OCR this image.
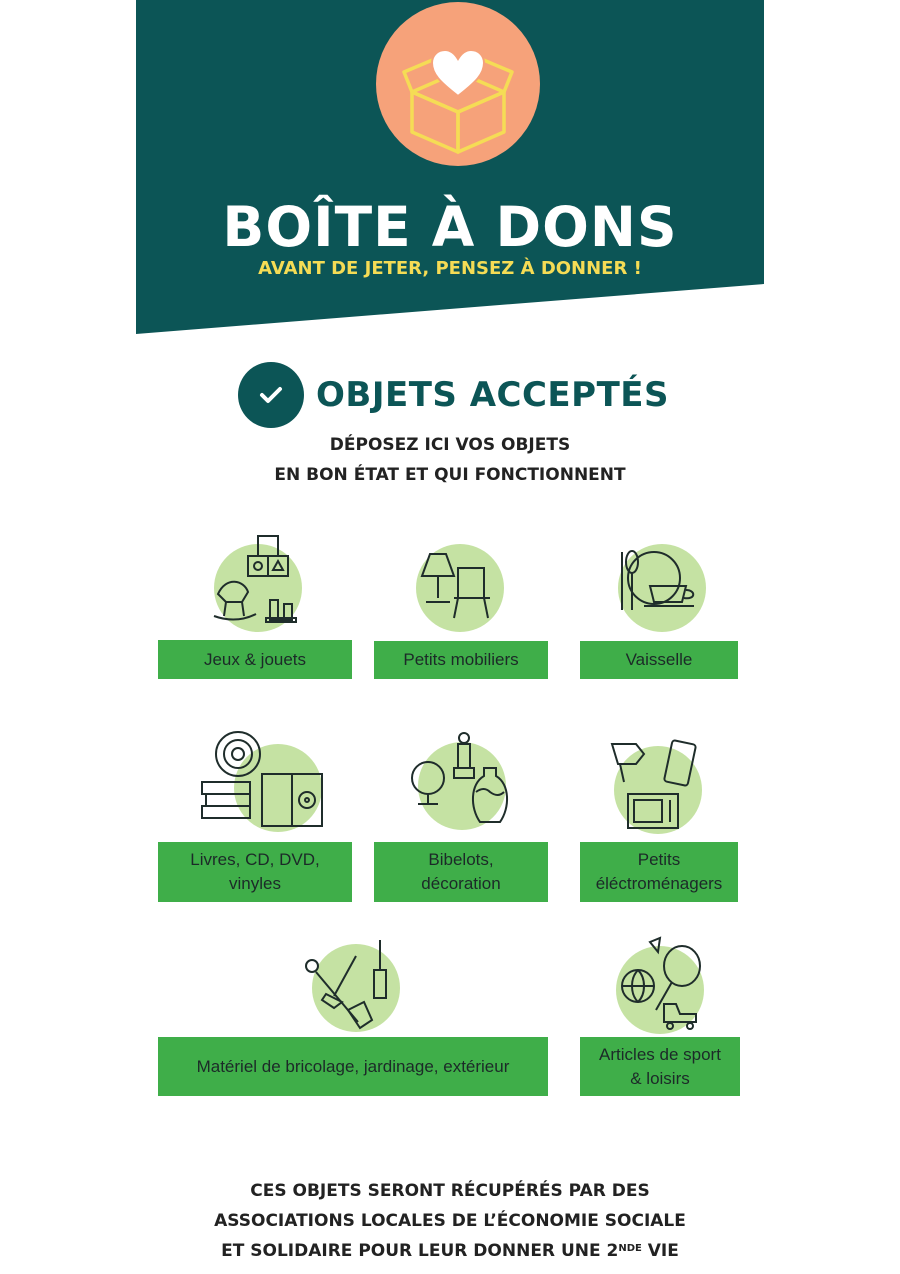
BOÎTE À DONS
AVANT DE JETER, PENSEZ À DONNER !
OBJETS ACCEPTÉS
DÉPOSEZ ICI VOS OBJETS
EN BON ÉTAT ET QUI FONCTIONNENT
Jeux & jouets	Petits mobiliers	Vaisselle
Livres, CD, DVD,
vinyles
Bibelots,
décoration
Petits
éléctroménagers
Matériel de bricolage, jardinage, extérieur
Articles de sport
& loisirs
CES OBJETS SERONT RÉCUPÉRÉS PAR DES
ASSOCIATIONS LOCALES DE L’ÉCONOMIE SOCIALE
ET SOLIDAIRE POUR LEUR DONNER UNE 2NDE VIE
